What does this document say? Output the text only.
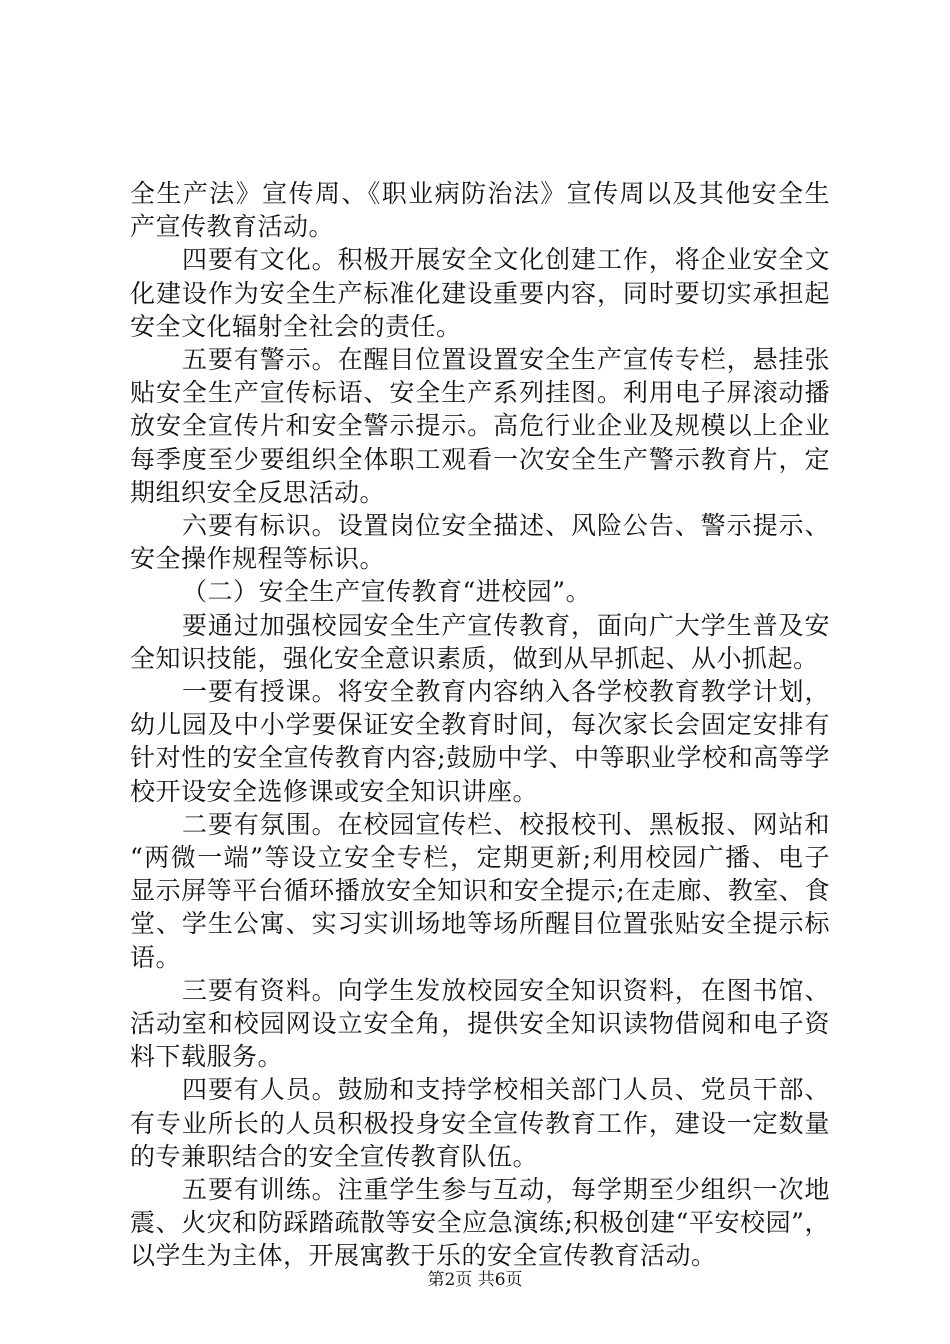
全生产法》宣传周、《职业病防治法》宣传周以及其他安全生
产宣传教育活动。
四要有文化。积极开展安全文化创建工作，将企业安全文
化建设作为安全生产标准化建设重要内容，同时要切实承担起
安全文化辐射全社会的责任。
五要有警示。在醒目位置设置安全生产宣传专栏，悬挂张
贴安全生产宣传标语、安全生产系列挂图。利用电子屏滚动播
放安全宣传片和安全警示提示。高危行业企业及规模以上企业
每季度至少要组织全体职工观看一次安全生产警示教育片，定
期组织安全反思活动。
六要有标识。设置岗位安全描述、风险公告、警示提示、
安全操作规程等标识。
（二）安全生产宣传教育“进校园”。
要通过加强校园安全生产宣传教育，面向广大学生普及安
全知识技能，强化安全意识素质，做到从早抓起、从小抓起。
一要有授课。将安全教育内容纳入各学校教育教学计划，
幼儿园及中小学要保证安全教育时间，每次家长会固定安排有
针对性的安全宣传教育内容;鼓励中学、中等职业学校和高等学
校开设安全选修课或安全知识讲座。
二要有氛围。在校园宣传栏、校报校刊、黑板报、网站和
“两微一端”等设立安全专栏，定期更新;利用校园广播、电子
显示屏等平台循环播放安全知识和安全提示;在走廊、教室、食
堂、学生公寓、实习实训场地等场所醒目位置张贴安全提示标
语。
三要有资料。向学生发放校园安全知识资料，在图书馆、
活动室和校园网设立安全角，提供安全知识读物借阅和电子资
料下载服务。
四要有人员。鼓励和支持学校相关部门人员、党员干部、
有专业所长的人员积极投身安全宣传教育工作，建设一定数量
的专兼职结合的安全宣传教育队伍。
五要有训练。注重学生参与互动，每学期至少组织一次地
震、火灾和防踩踏疏散等安全应急演练;积极创建“平安校园”，
以学生为主体，开展寓教于乐的安全宣传教育活动。
第2页 共6页
